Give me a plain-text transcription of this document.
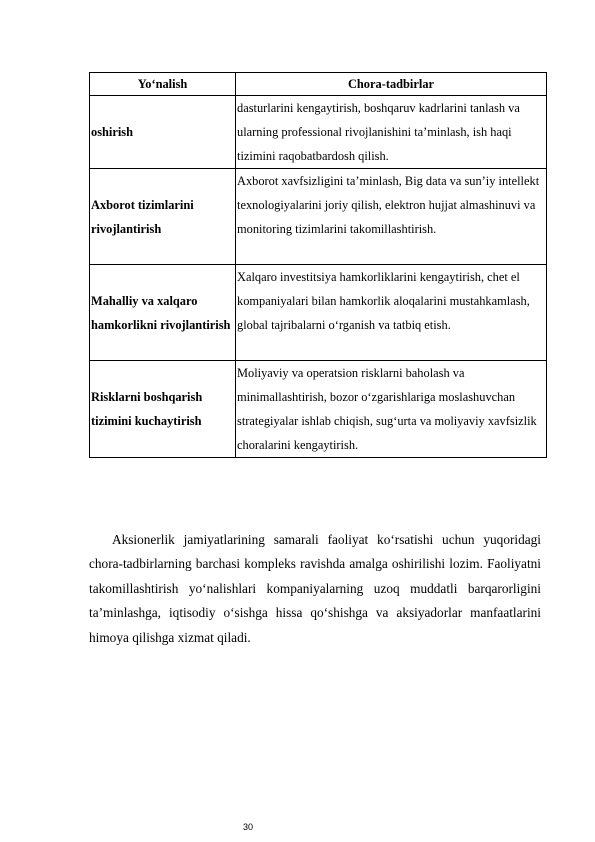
Yo‘nalish	Chora-tadbirlar
oshirish	dasturlarini kengaytirish, boshqaruv kadrlarini tanlash va ularning professional rivojlanishini ta’minlash, ish haqi tizimini raqobatbardosh qilish.
Axborot tizimlarini rivojlantirish	Axborot xavfsizligini ta’minlash, Big data va sun’iy intellekt texnologiyalarini joriy qilish, elektron hujjat almashinuvi va monitoring tizimlarini takomillashtirish.
Mahalliy va xalqaro hamkorlikni rivojlantirish	Xalqaro investitsiya hamkorliklarini kengaytirish, chet el kompaniyalari bilan hamkorlik aloqalarini mustahkamlash, global tajribalarni o‘rganish va tatbiq etish.
Risklarni boshqarish tizimini kuchaytirish	Moliyaviy va operatsion risklarni baholash va minimallashtirish, bozor o‘zgarishlariga moslashuvchan strategiyalar ishlab chiqish, sug‘urta va moliyaviy xavfsizlik choralarini kengaytirish.

Aksionerlik jamiyatlarining samarali faoliyat ko‘rsatishi uchun yuqoridagi chora-tadbirlarning barchasi kompleks ravishda amalga oshirilishi lozim. Faoliyatni takomillashtirish yo‘nalishlari kompaniyalarning uzoq muddatli barqarorligini ta’minlashga, iqtisodiy o‘sishga hissa qo‘shishga va aksiyadorlar manfaatlarini himoya qilishga xizmat qiladi.

30
